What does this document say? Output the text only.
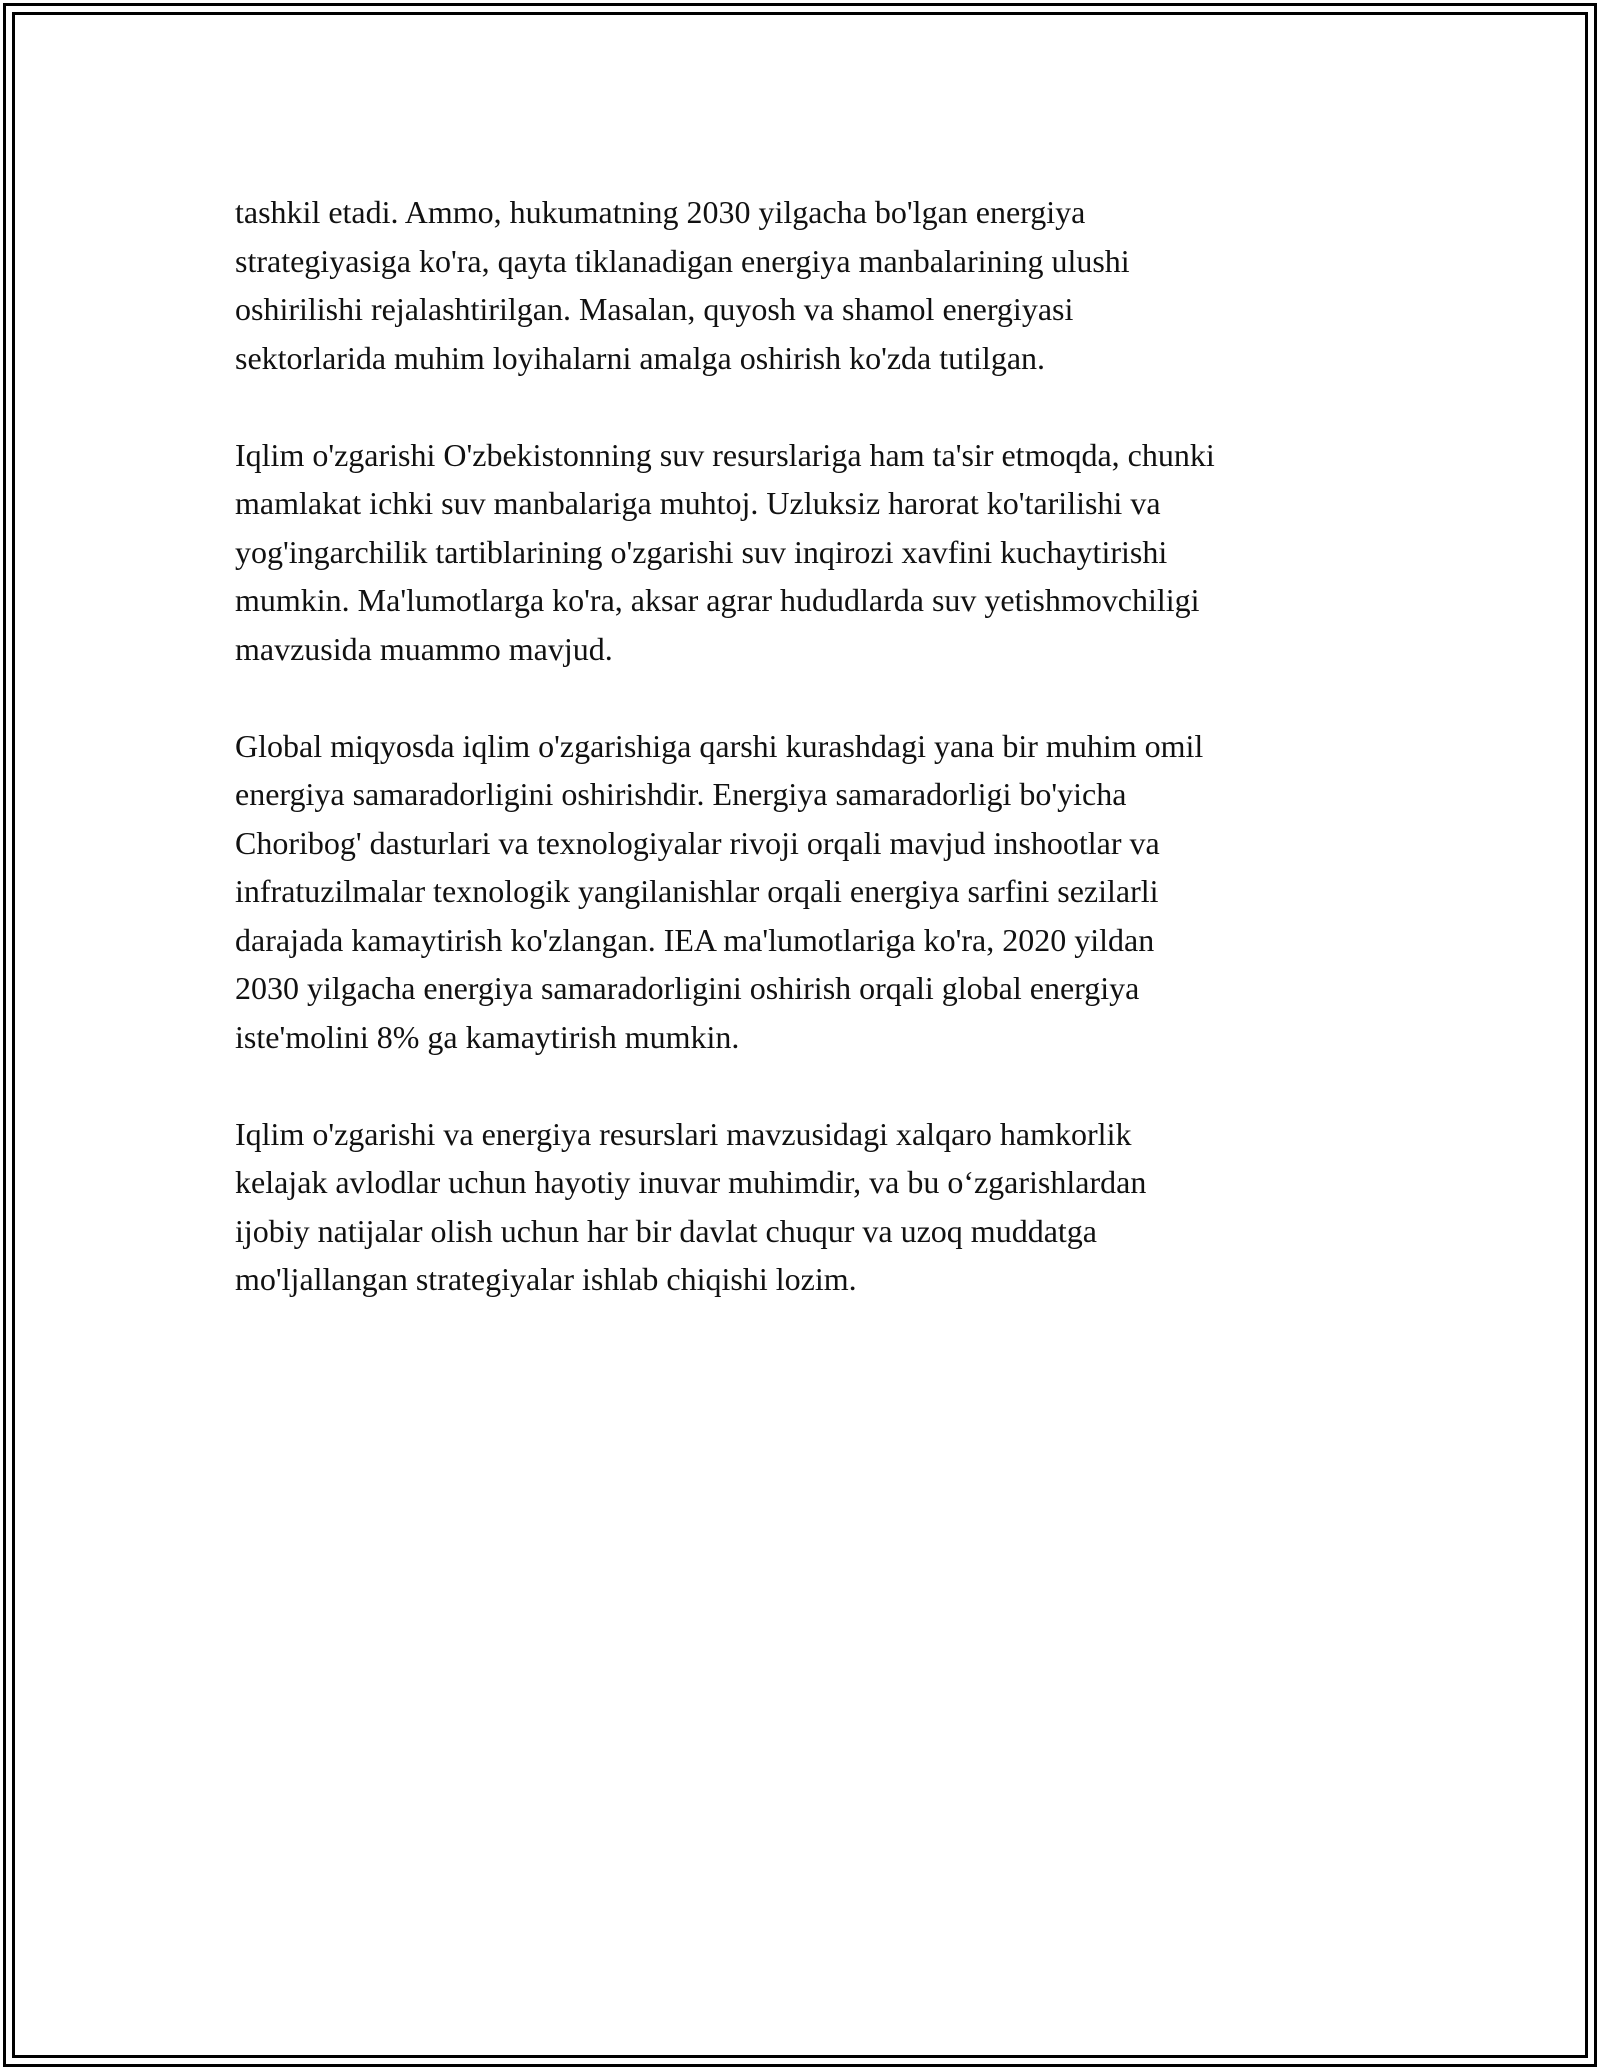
tashkil etadi. Ammo, hukumatning 2030 yilgacha bo'lgan energiya
strategiyasiga ko'ra, qayta tiklanadigan energiya manbalarining ulushi
oshirilishi rejalashtirilgan. Masalan, quyosh va shamol energiyasi
sektorlarida muhim loyihalarni amalga oshirish ko'zda tutilgan.

Iqlim o'zgarishi O'zbekistonning suv resurslariga ham ta'sir etmoqda, chunki
mamlakat ichki suv manbalariga muhtoj. Uzluksiz harorat ko'tarilishi va
yog'ingarchilik tartiblarining o'zgarishi suv inqirozi xavfini kuchaytirishi
mumkin. Ma'lumotlarga ko'ra, aksar agrar hududlarda suv yetishmovchiligi
mavzusida muammo mavjud.

Global miqyosda iqlim o'zgarishiga qarshi kurashdagi yana bir muhim omil
energiya samaradorligini oshirishdir. Energiya samaradorligi bo'yicha
Choribog' dasturlari va texnologiyalar rivoji orqali mavjud inshootlar va
infratuzilmalar texnologik yangilanishlar orqali energiya sarfini sezilarli
darajada kamaytirish ko'zlangan. IEA ma'lumotlariga ko'ra, 2020 yildan
2030 yilgacha energiya samaradorligini oshirish orqali global energiya
iste'molini 8% ga kamaytirish mumkin.

Iqlim o'zgarishi va energiya resurslari mavzusidagi xalqaro hamkorlik
kelajak avlodlar uchun hayotiy inuvar muhimdir, va bu o‘zgarishlardan
ijobiy natijalar olish uchun har bir davlat chuqur va uzoq muddatga
mo'ljallangan strategiyalar ishlab chiqishi lozim.
